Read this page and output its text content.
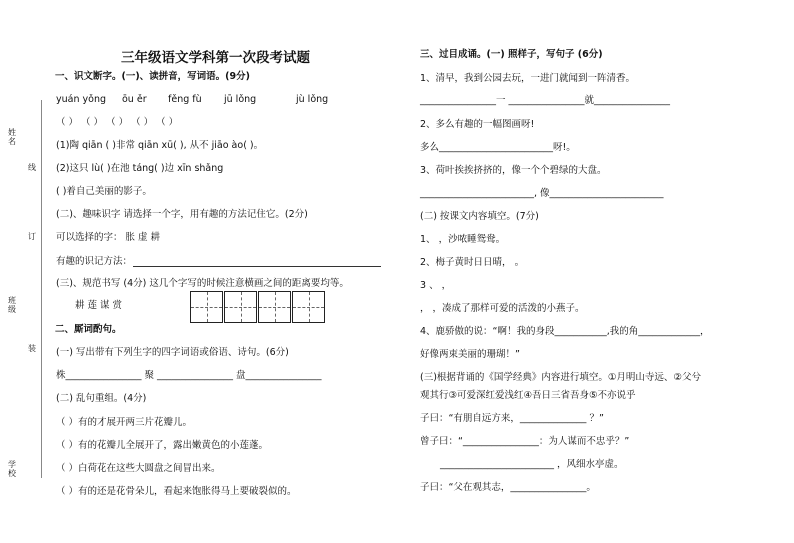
姓名
线
订
班级
装
学校
三年级语文学科第一次段考试题
一、识文断字。(一)、读拼音，写词语。(9分)
yuán yǒng ōu ěr fěng fù jū lǒng	jù lǒng
（ ） （ ） （ ） （ ） （ ）
(1)陶 qiān ( )非常 qiān xū( ), 从不 jiāo ào( )。
(2)这只 lù( )在池 táng( )边 xīn shǎng
( )着自己美丽的影子。
(二)、趣味识字 请选择一个字，用有趣的方法记住它。(2分)
可以选择的字： 胀 虚 耕
有趣的识记方法：
(三)、规范书写 (4分) 这几个字写的时候注意横画之间的距离要均等。
耕 莲 谋 赏
二、厮词酌句。
(一) 写出带有下列生字的四字词语或俗语、诗句。(6分)
株________________ 聚 ________________ 盘________________
(二) 乱句重组。(4分)
（ ）有的才展开两三片花瓣儿。
（ ）有的花瓣儿全展开了，露出嫩黄色的小莲蓬。
（ ）白荷花在这些大圆盘之间冒出来。
（ ）有的还是花骨朵儿，看起来饱胀得马上要破裂似的。
三、过目成诵。(一) 照样子，写句子 (6分)
1、清早，我到公园去玩，一进门就闻到一阵清香。
________________一 ________________就________________
2、多么有趣的一幅图画呀!
多么________________________呀!。
3、荷叶挨挨挤挤的，像一个个碧绿的大盘。
________________________, 像________________________
(二) 按课文内容填空。(7分)
1、 ，沙哝睡鸳鸯。
2、梅子黄时日日晴， 。
3 、 ，
， ，凑成了那样可爱的活泼的小燕子。
4、鹿骄傲的说：“啊！我的身段___________,我的角_____________，
好像两束美丽的珊瑚！”
(三)根据背诵的《国学经典》内容进行填空。①月明山寺远、②父兮
观其行③可爱深红爱浅红④吾日三省吾身⑤不亦说乎
子曰：“有朋自远方来，______________ ？”
曾子曰：“________________：为人谋而不忠乎？”
________________________ ，风细水亭虚。
子曰：“父在观其志，________________。
